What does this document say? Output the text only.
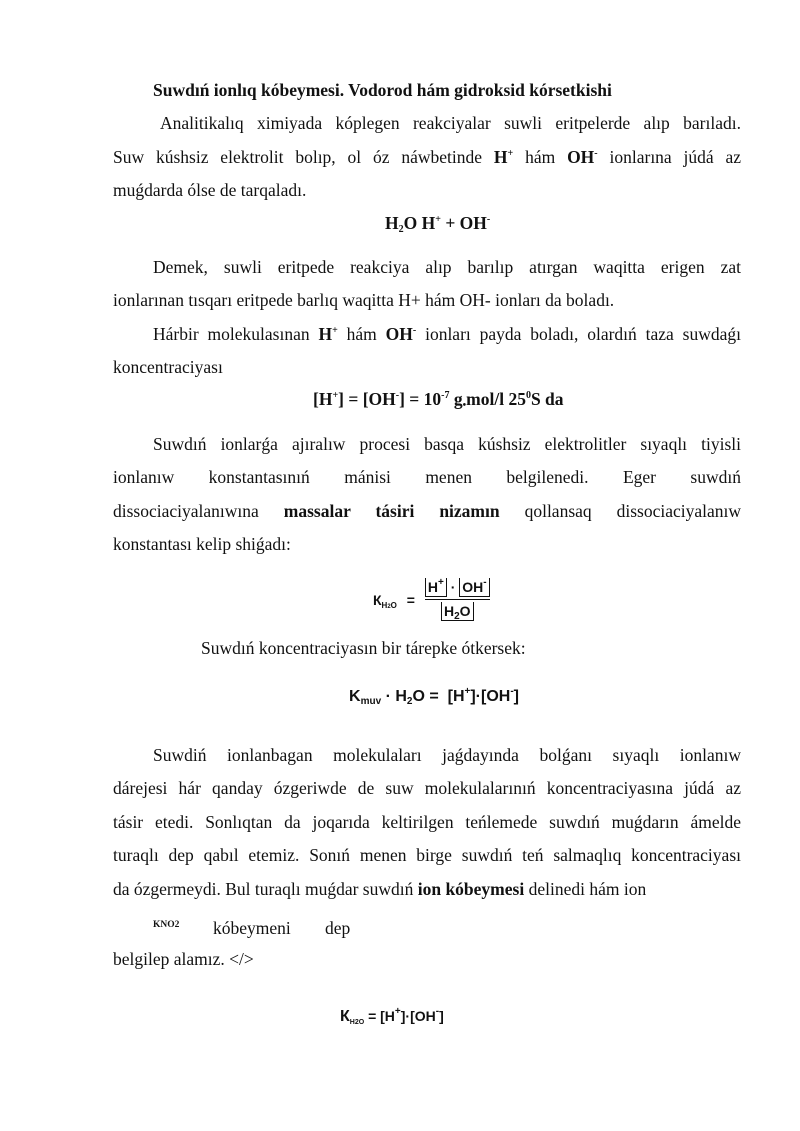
Suwdıń ionlıq kóbeymesi. Vodorod hám gidroksid kórsetkishi
Analitikalıq ximiyada kóplegen reakciyalar suwli eritpelerde alıp barıladı.
Suw kúshsiz elektrolit bolıp, ol óz náwbetinde H+ hám OH- ionlarına júdá az
muǵdarda ólse de tarqaladı.
$H_2O$ H+ + OH-
Demek, suwli eritpede reakciya alıp barılıp atırgan waqitta erigen zat
ionlarınan tısqarı eritpede barlıq waqitta H+ hám OH- ionları da boladı.
Hárbir molekulasınan H+ hám OH- ionları payda boladı, olardıń taza suwdaǵı
koncentraciyası
$[H^+] = [OH^-] = 10^{-7}$ $g_•mol/l$ $25^0S$ da
Suwdıń ionlarǵa ajıralıw procesi basqa kúshsiz elektrolitler sıyaqlı tiyisli
ionlanıw konstantasınıń mánisi menen belgilenedi. Eger suwdıń
dissociaciyalanıwına massalar tásiri nizamın qollansaq dissociaciyalanıw
konstantası kelip shiǵadı:
$К_{H2O} = \frac{H^+ \cdot OH^-}{H_2O}$
Suwdıń koncentraciyasın bir tárepke ótkersek:
$K_{muv} \cdot H_2O = [H^+]\cdot[OH^-]$
Suwdiń ionlanbagan molekulaları jaǵdayında bolǵanı sıyaqlı ionlanıw
dárejesi hár qanday ózgeriwde de suw molekulalarınıń koncentraciyasına júdá az
tásir etedi. Sonlıqtan da joqarıda keltirilgen teńlemede suwdıń muǵdarın ámelde
turaqlı dep qabıl etemiz. Sonıń menen birge suwdıń teń salmaqlıq koncentraciyası
da ózgermeydi. Bul turaqlı muǵdar suwdıń ion kóbeymesi delinedi hám ion
KNO2 kóbeymeni dep
belgilep alamız. </>
$К_{H2O} = [H^+]\cdot[OH^-]$
